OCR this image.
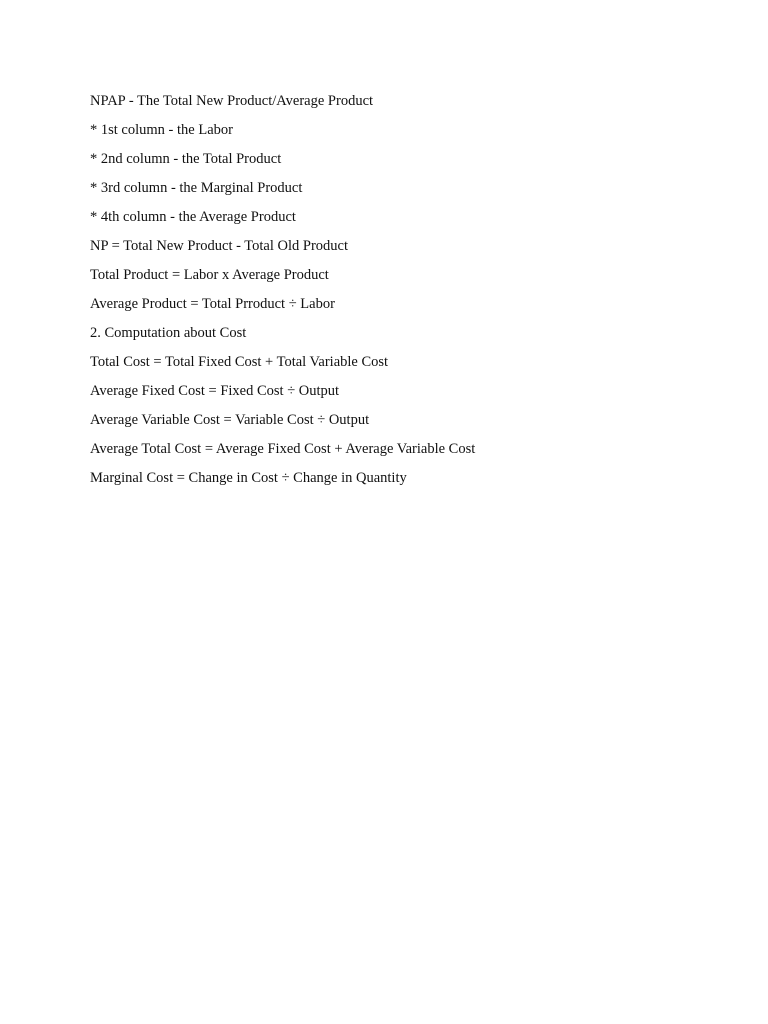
NPAP - The Total New Product/Average Product

* 1st column - the Labor

* 2nd column - the Total Product

* 3rd column - the Marginal Product

* 4th column - the Average Product

NP = Total New Product - Total Old Product

Total Product = Labor x Average Product

Average Product = Total Prroduct ÷ Labor

2. Computation about Cost

Total Cost = Total Fixed Cost + Total Variable Cost

Average Fixed Cost = Fixed Cost ÷ Output

Average Variable Cost = Variable Cost ÷ Output

Average Total Cost = Average Fixed Cost + Average Variable Cost

Marginal Cost = Change in Cost ÷ Change in Quantity
